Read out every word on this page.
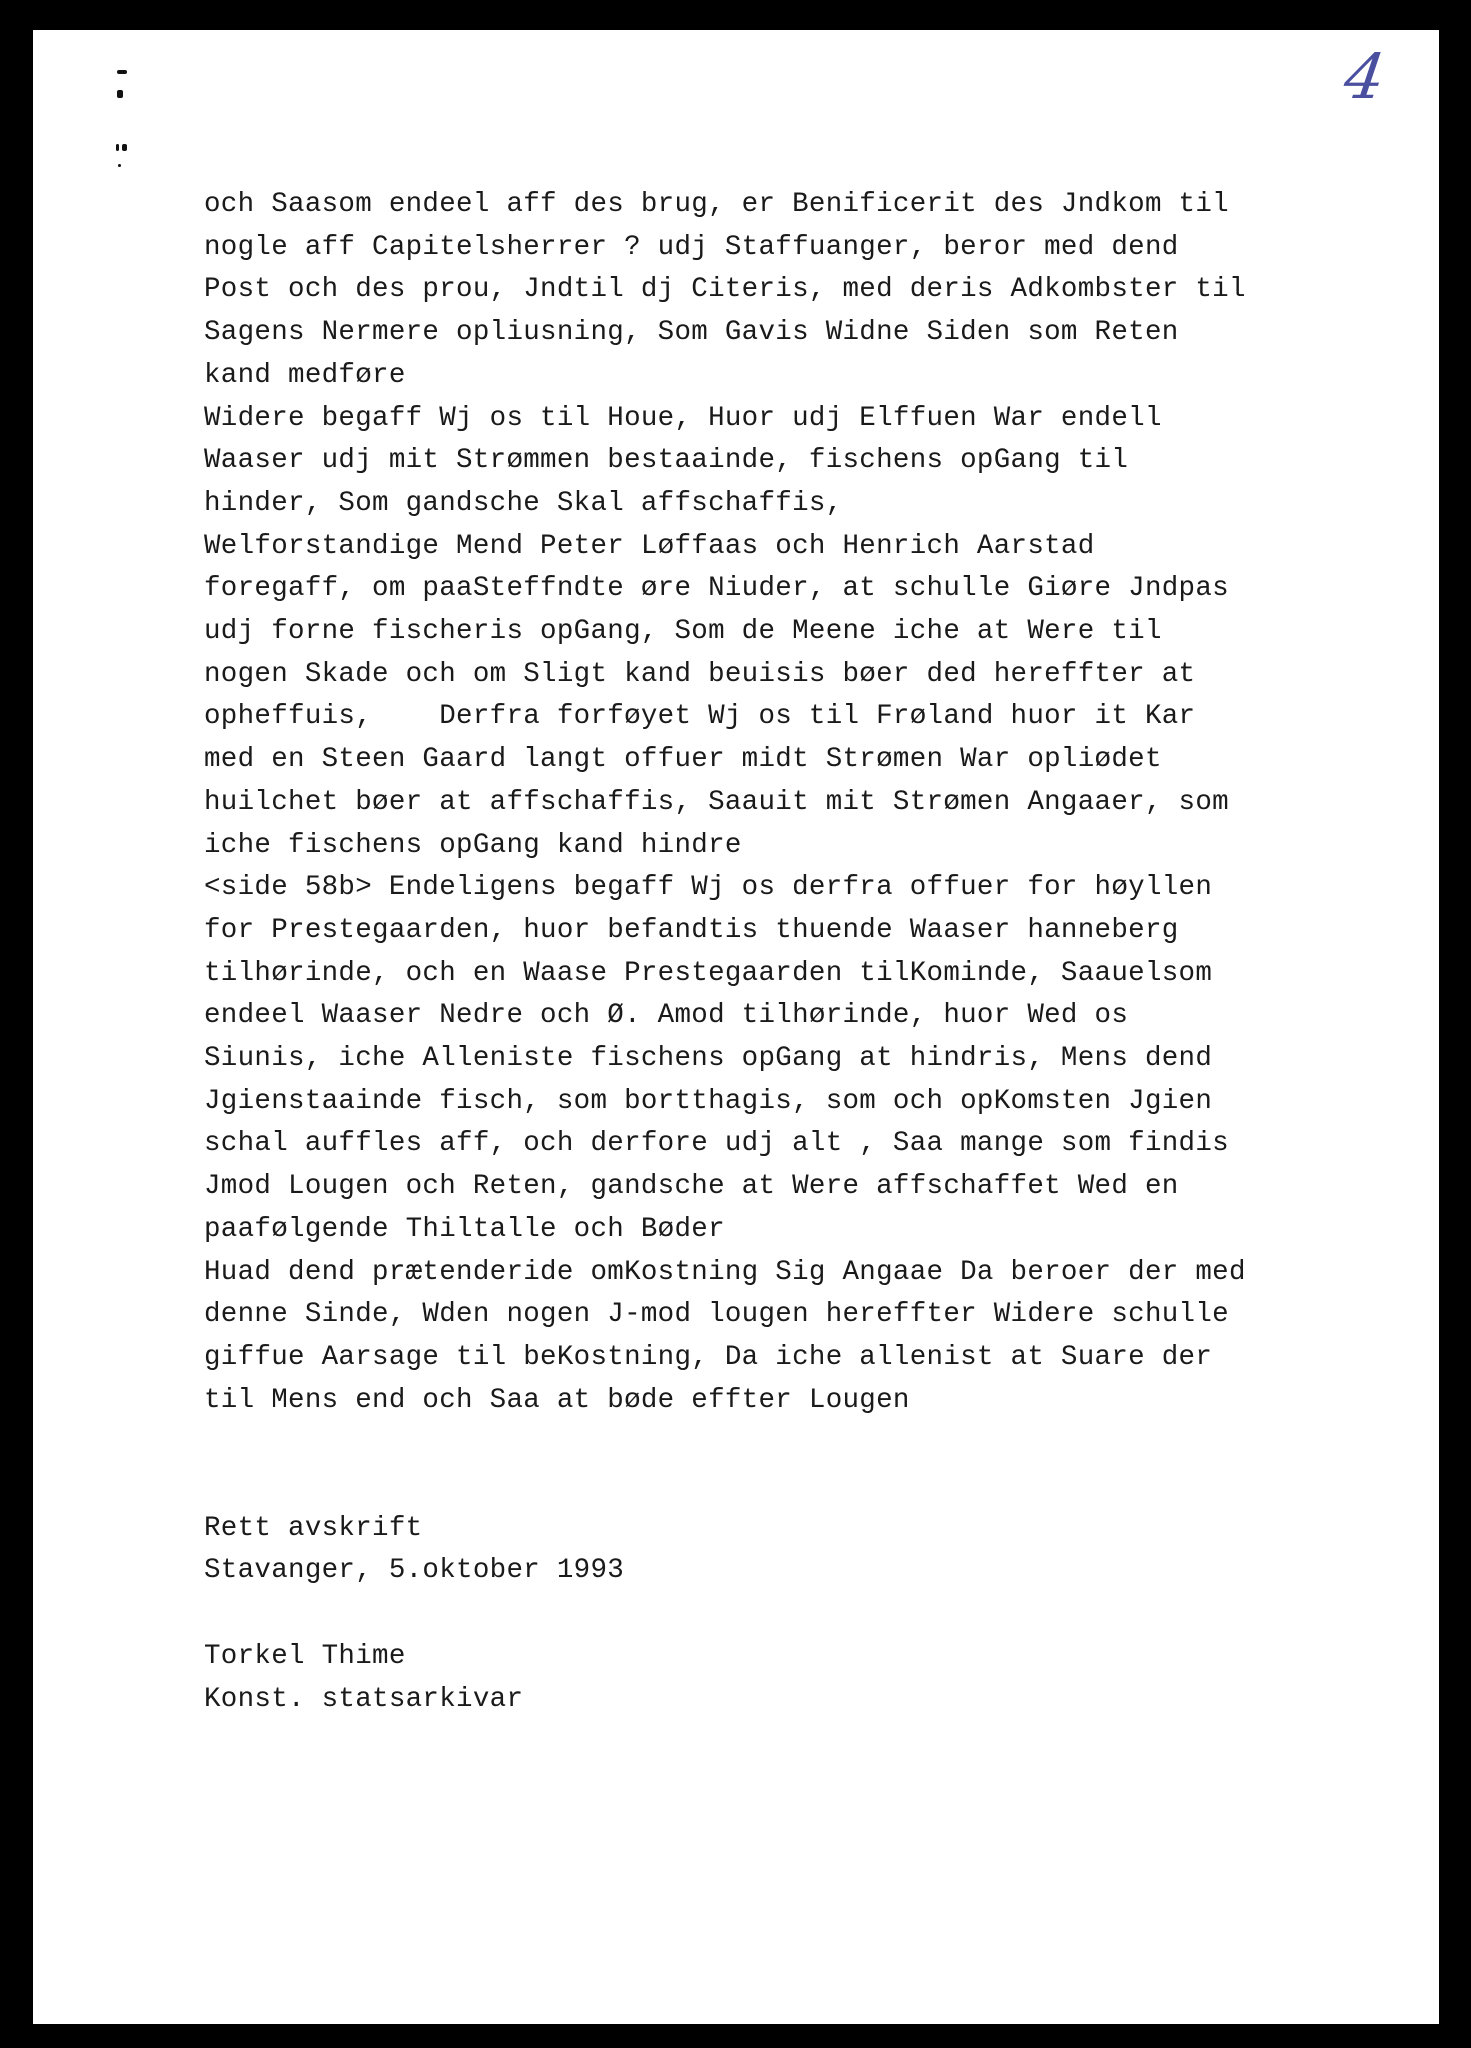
4
och Saasom endeel aff des brug, er Benificerit des Jndkom til
nogle aff Capitelsherrer ? udj Staffuanger, beror med dend
Post och des prou, Jndtil dj Citeris, med deris Adkombster til
Sagens Nermere opliusning, Som Gavis Widne Siden som Reten
kand medføre
Widere begaff Wj os til Houe, Huor udj Elffuen War endell
Waaser udj mit Strømmen bestaainde, fischens opGang til
hinder, Som gandsche Skal affschaffis,
Welforstandige Mend Peter Løffaas och Henrich Aarstad
foregaff, om paaSteffndte øre Niuder, at schulle Giøre Jndpas
udj forne fischeris opGang, Som de Meene iche at Were til
nogen Skade och om Sligt kand beuisis bøer ded hereffter at
opheffuis,    Derfra forføyet Wj os til Frøland huor it Kar
med en Steen Gaard langt offuer midt Strømen War opliødet
huilchet bøer at affschaffis, Saauit mit Strømen Angaaer, som
iche fischens opGang kand hindre
<side 58b> Endeligens begaff Wj os derfra offuer for høyllen
for Prestegaarden, huor befandtis thuende Waaser hanneberg
tilhørinde, och en Waase Prestegaarden tilKominde, Saauelsom
endeel Waaser Nedre och Ø. Amod tilhørinde, huor Wed os
Siunis, iche Alleniste fischens opGang at hindris, Mens dend
Jgienstaainde fisch, som bortthagis, som och opKomsten Jgien
schal auffles aff, och derfore udj alt , Saa mange som findis
Jmod Lougen och Reten, gandsche at Were affschaffet Wed en
paafølgende Thiltalle och Bøder
Huad dend prætenderide omKostning Sig Angaae Da beroer der med
denne Sinde, Wden nogen J-mod lougen hereffter Widere schulle
giffue Aarsage til beKostning, Da iche allenist at Suare der
til Mens end och Saa at bøde effter Lougen
Rett avskrift
Stavanger, 5.oktober 1993
Torkel Thime
Konst. statsarkivar
